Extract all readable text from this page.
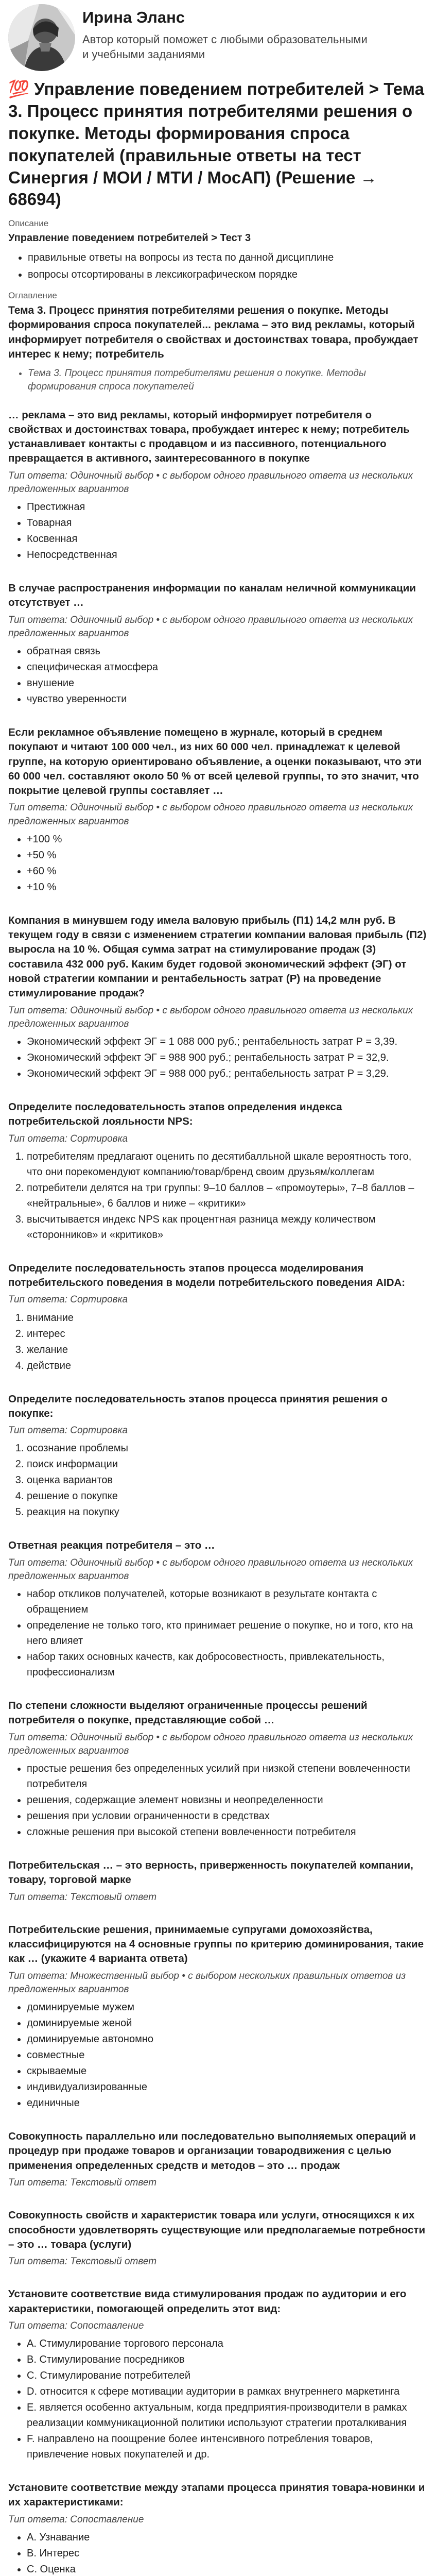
Ирина Эланс
Автор который поможет с любыми образовательными и учебными заданиями
💯 Управление поведением потребителей > Тема 3. Процесс принятия потребителями решения о покупке. Методы формирования спроса покупателей (правильные ответы на тест Синергия / МОИ / МТИ / МосАП) (Решение → 68694)
Описание
Управление поведением потребителей > Тест 3
• правильные ответы на вопросы из теста по данной дисциплине
• вопросы отсортированы в лексикографическом порядке
Оглавление
Тема 3. Процесс принятия потребителями решения о покупке. Методы формирования спроса покупателей... реклама – это вид рекламы, который информирует потребителя о свойствах и достоинствах товара, пробуждает интерес к нему; потребитель
• Тема 3. Процесс принятия потребителями решения о покупке. Методы формирования спроса покупателей
… реклама – это вид рекламы, который информирует потребителя о свойствах и достоинствах товара, пробуждает интерес к нему; потребитель устанавливает контакты с продавцом и из пассивного, потенциального превращается в активного, заинтересованного в покупке
Тип ответа: Одиночный выбор • с выбором одного правильного ответа из нескольких предложенных вариантов
• Престижная
• Товарная
• Косвенная
• Непосредственная
В случае распространения информации по каналам неличной коммуникации отсутствует …
Тип ответа: Одиночный выбор • с выбором одного правильного ответа из нескольких предложенных вариантов
• обратная связь
• специфическая атмосфера
• внушение
• чувство уверенности
Если рекламное объявление помещено в журнале, который в среднем покупают и читают 100 000 чел., из них 60 000 чел. принадлежат к целевой группе, на которую ориентировано объявление, а оценки показывают, что эти 60 000 чел. составляют около 50 % от всей целевой группы, то это значит, что покрытие целевой группы составляет …
Тип ответа: Одиночный выбор • с выбором одного правильного ответа из нескольких предложенных вариантов
• +100 %
• +50 %
• +60 %
• +10 %
Компания в минувшем году имела валовую прибыль (П1) 14,2 млн руб. В текущем году в связи с изменением стратегии компании валовая прибыль (П2) выросла на 10 %. Общая сумма затрат на стимулирование продаж (З) составила 432 000 руб. Каким будет годовой экономический эффект (ЭГ) от новой стратегии компании и рентабельность затрат (Р) на проведение стимулирование продаж?
Тип ответа: Одиночный выбор • с выбором одного правильного ответа из нескольких предложенных вариантов
• Экономический эффект ЭГ = 1 088 000 руб.; рентабельность затрат Р = 3,39.
• Экономический эффект ЭГ = 988 900 руб.; рентабельность затрат Р = 32,9.
• Экономический эффект ЭГ = 988 000 руб.; рентабельность затрат Р = 3,29.
Определите последовательность этапов определения индекса потребительской лояльности NPS:
Тип ответа: Сортировка
1. потребителям предлагают оценить по десятибалльной шкале вероятность того, что они порекомендуют компанию/товар/бренд своим друзьям/коллегам
2. потребители делятся на три группы: 9–10 баллов – «промоутеры», 7–8 баллов – «нейтральные», 6 баллов и ниже – «критики»
3. высчитывается индекс NPS как процентная разница между количеством «сторонников» и «критиков»
Определите последовательность этапов процесса моделирования потребительского поведения в модели потребительского поведения AIDA:
Тип ответа: Сортировка
1. внимание
2. интерес
3. желание
4. действие
Определите последовательность этапов процесса принятия решения о покупке:
Тип ответа: Сортировка
1. осознание проблемы
2. поиск информации
3. оценка вариантов
4. решение о покупке
5. реакция на покупку
Ответная реакция потребителя – это …
Тип ответа: Одиночный выбор • с выбором одного правильного ответа из нескольких предложенных вариантов
• набор откликов получателей, которые возникают в результате контакта с обращением
• определение не только того, кто принимает решение о покупке, но и того, кто на него влияет
• набор таких основных качеств, как добросовестность, привлекательность, профессионализм
По степени сложности выделяют ограниченные процессы решений потребителя о покупке, представляющие собой …
Тип ответа: Одиночный выбор • с выбором одного правильного ответа из нескольких предложенных вариантов
• простые решения без определенных усилий при низкой степени вовлеченности потребителя
• решения, содержащие элемент новизны и неопределенности
• решения при условии ограниченности в средствах
• сложные решения при высокой степени вовлеченности потребителя
Потребительская … – это верность, приверженность покупателей компании, товару, торговой марке
Тип ответа: Текстовый ответ
Потребительские решения, принимаемые супругами домохозяйства, классифицируются на 4 основные группы по критерию доминирования, такие как … (укажите 4 варианта ответа)
Тип ответа: Множественный выбор • с выбором нескольких правильных ответов из предложенных вариантов
• доминируемые мужем
• доминируемые женой
• доминируемые автономно
• совместные
• скрываемые
• индивидуализированные
• единичные
Совокупность параллельно или последовательно выполняемых операций и процедур при продаже товаров и организации товародвижения с целью применения определенных средств и методов – это … продаж
Тип ответа: Текстовый ответ
Совокупность свойств и характеристик товара или услуги, относящихся к их способности удовлетворять существующие или предполагаемые потребности – это … товара (услуги)
Тип ответа: Текстовый ответ
Установите соответствие вида стимулирования продаж по аудитории и его характеристики, помогающей определить этот вид:
Тип ответа: Сопоставление
• A. Стимулирование торгового персонала
• B. Стимулирование посредников
• C. Стимулирование потребителей
• D. относится к сфере мотивации аудитории в рамках внутреннего маркетинга
• E. является особенно актуальным, когда предприятия-производители в рамках реализации коммуникационной политики используют стратегии проталкивания
• F. направлено на поощрение более интенсивного потребления товаров, привлечение новых покупателей и др.
Установите соответствие между этапами процесса принятия товара-новинки и их характеристиками:
Тип ответа: Сопоставление
• A. Узнавание
• B. Интерес
• C. Оценка
